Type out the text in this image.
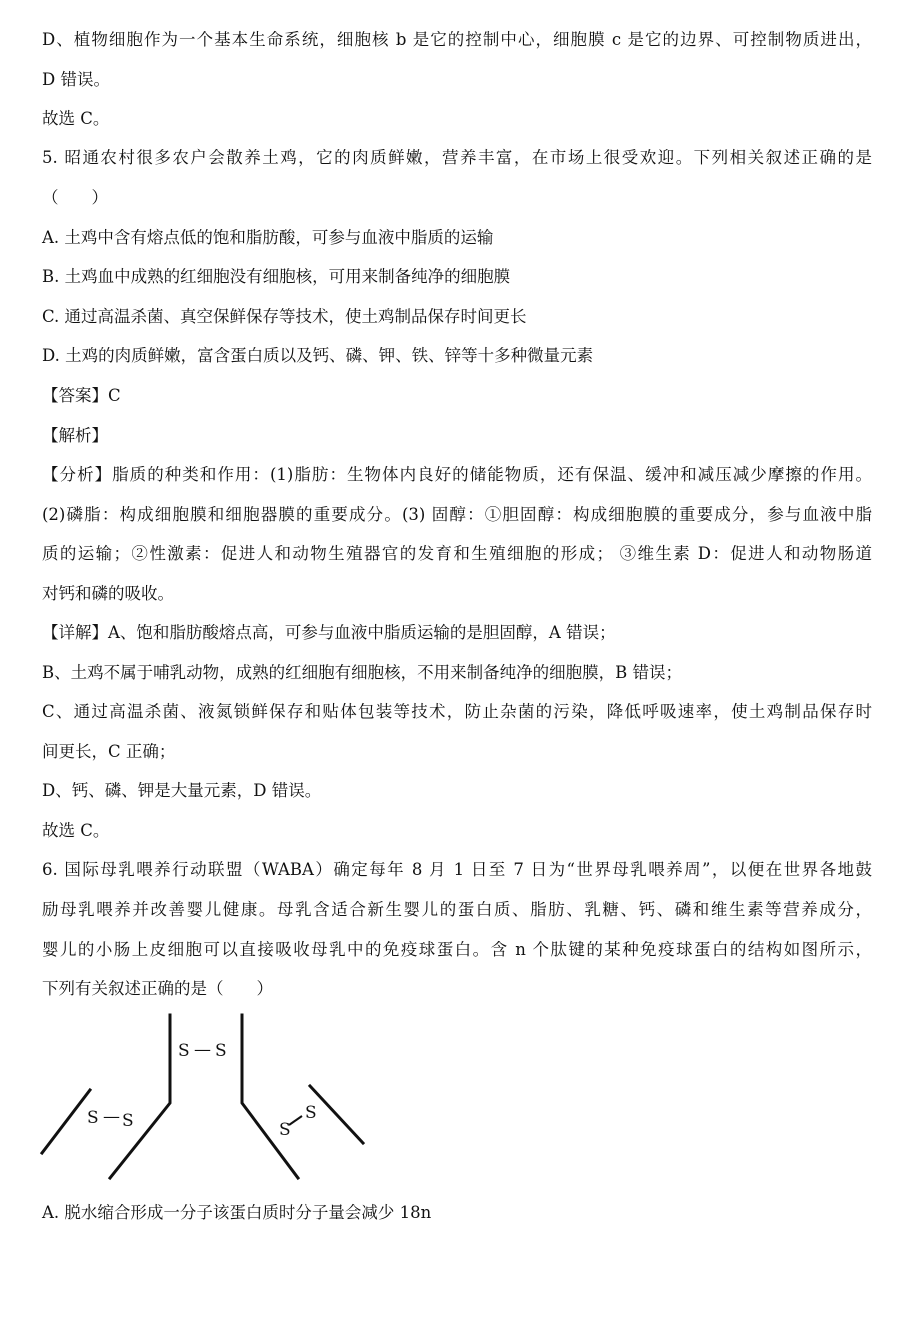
D、植物细胞作为一个基本生命系统，细胞核 b 是它的控制中心，细胞膜 c 是它的边界、可控制物质进出，
D 错误。
故选 C。
5. 昭通农村很多农户会散养土鸡，它的肉质鲜嫩，营养丰富，在市场上很受欢迎。下列相关叙述正确的是
（　　）
A. 土鸡中含有熔点低的饱和脂肪酸，可参与血液中脂质的运输
B. 土鸡血中成熟的红细胞没有细胞核，可用来制备纯净的细胞膜
C. 通过高温杀菌、真空保鲜保存等技术，使土鸡制品保存时间更长
D. 土鸡的肉质鲜嫩，富含蛋白质以及钙、磷、钾、铁、锌等十多种微量元素
【答案】C
【解析】
【分析】脂质的种类和作用：(1)脂肪：生物体内良好的储能物质，还有保温、缓冲和减压减少摩擦的作用。
(2)磷脂：构成细胞膜和细胞器膜的重要成分。(3) 固醇：①胆固醇：构成细胞膜的重要成分，参与血液中脂
质的运输；②性激素：促进人和动物生殖器官的发育和生殖细胞的形成； ③维生素 D：促进人和动物肠道
对钙和磷的吸收。
【详解】A、饱和脂肪酸熔点高，可参与血液中脂质运输的是胆固醇，A 错误；
B、土鸡不属于哺乳动物，成熟的红细胞有细胞核，不用来制备纯净的细胞膜，B 错误；
C、通过高温杀菌、液氮锁鲜保存和贴体包装等技术，防止杂菌的污染，降低呼吸速率，使土鸡制品保存时
间更长，C 正确；
D、钙、磷、钾是大量元素，D 错误。
故选 C。
6. 国际母乳喂养行动联盟（WABA）确定每年 8 月 1 日至 7 日为“世界母乳喂养周”，以便在世界各地鼓
励母乳喂养并改善婴儿健康。母乳含适合新生婴儿的蛋白质、脂肪、乳糖、钙、磷和维生素等营养成分，
婴儿的小肠上皮细胞可以直接吸收母乳中的免疫球蛋白。含 n 个肽键的某种免疫球蛋白的结构如图所示，
下列有关叙述正确的是（　　）
S — S
S — S	S
S
A. 脱水缩合形成一分子该蛋白质时分子量会减少 18n
